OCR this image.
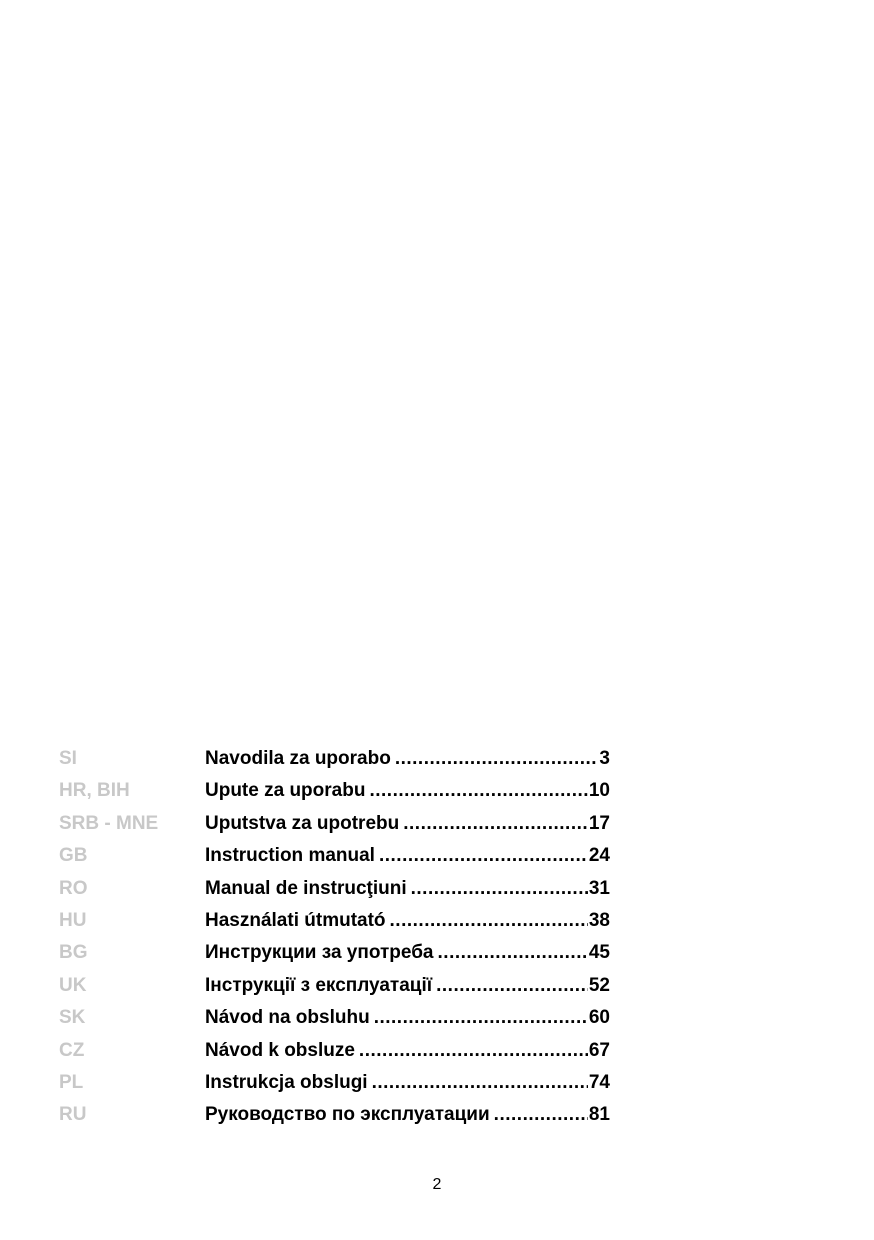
SI	Navodila za uporabo .....	3
HR, BIH	Upute za uporabu .....	10
SRB - MNE	Uputstva za upotrebu .....	17
GB	Instruction manual .....	24
RO	Manual de instrucţiuni .....	31
HU	Használati útmutató .....	38
BG	Инструкции за употреба .....	45
UK	Інструкції з експлуатації .....	52
SK	Návod na obsluhu .....	60
CZ	Návod k obsluze .....	67
PL	Instrukcja obslugi .....	74
RU	Руководство по эксплуатации .....	81
2
